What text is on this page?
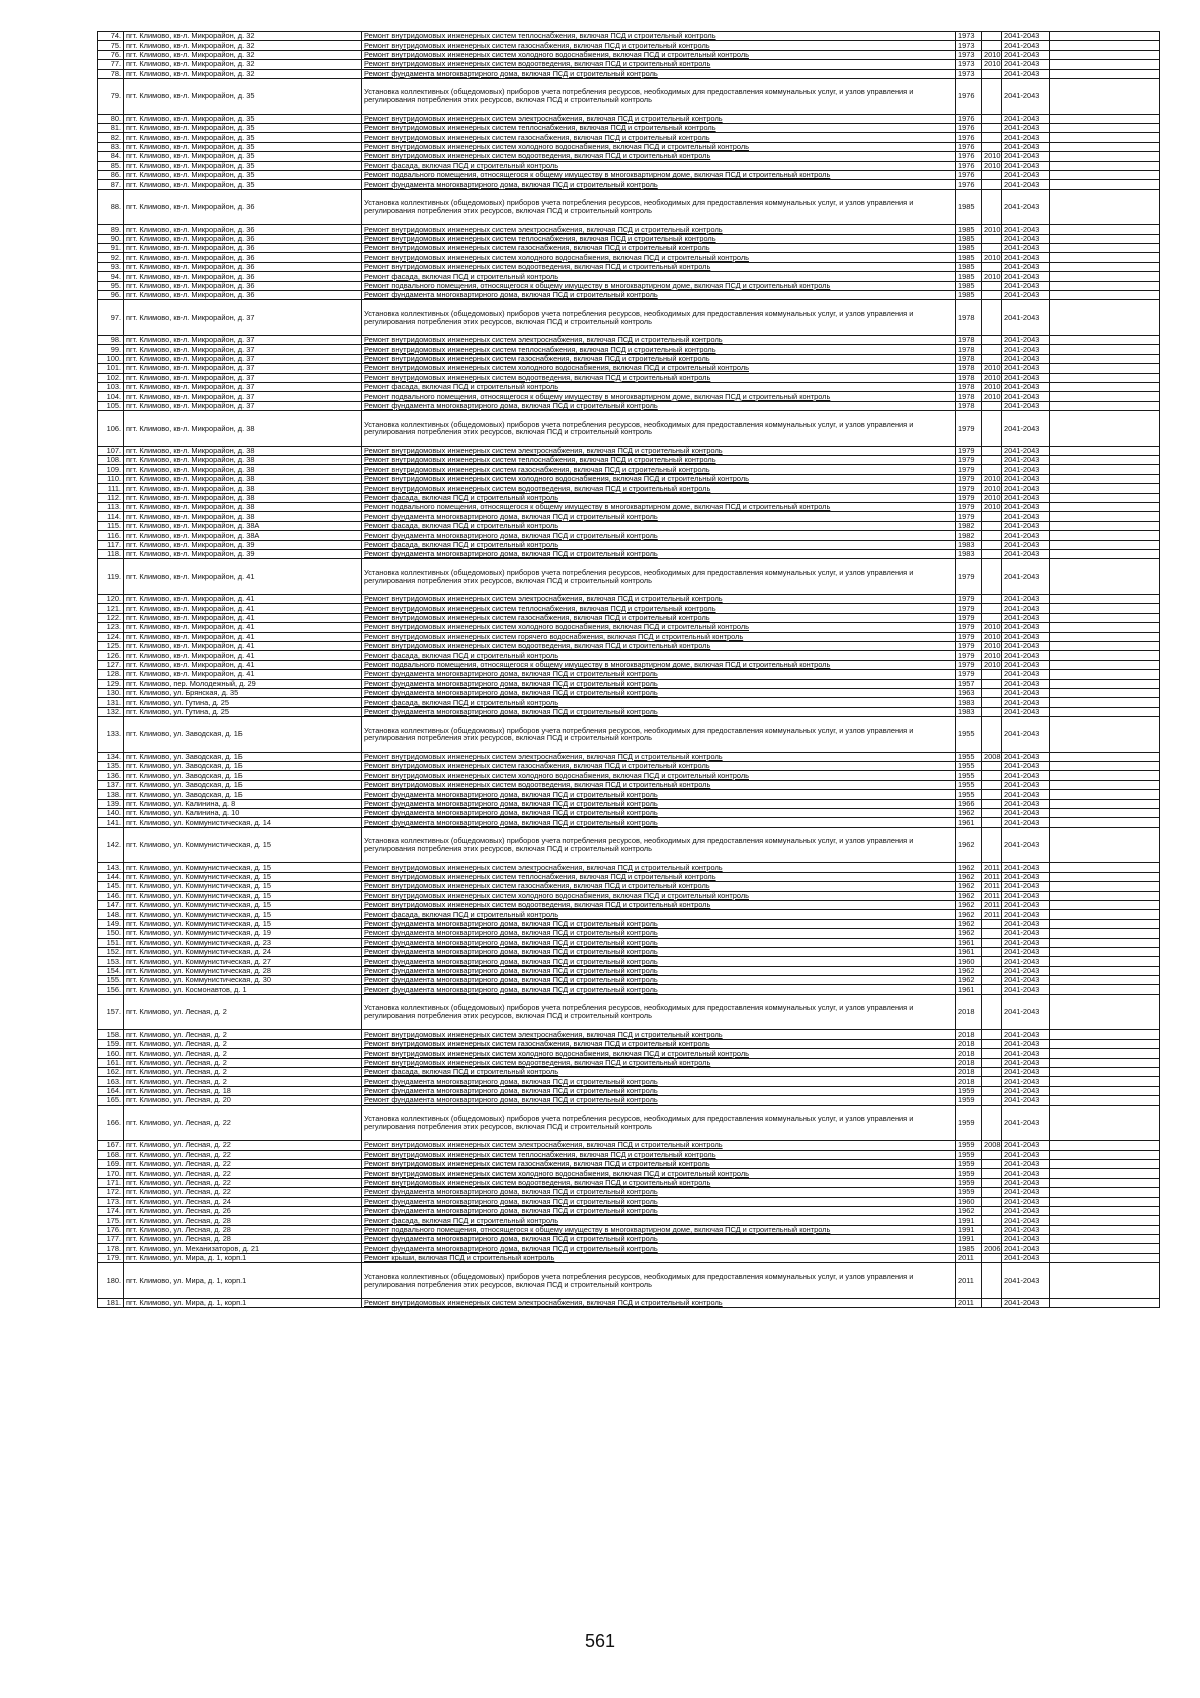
74.	пгт. Климово, кв-л. Микрорайон, д. 32	Ремонт внутридомовых инженерных систем теплоснабжения, включая ПСД и строительный контроль	1973		2041-2043	
75.	пгт. Климово, кв-л. Микрорайон, д. 32	Ремонт внутридомовых инженерных систем газоснабжения, включая ПСД и строительный контроль	1973		2041-2043	
76.	пгт. Климово, кв-л. Микрорайон, д. 32	Ремонт внутридомовых инженерных систем холодного водоснабжения, включая ПСД и строительный контроль	1973	2010	2041-2043	
77.	пгт. Климово, кв-л. Микрорайон, д. 32	Ремонт внутридомовых инженерных систем водоотведения, включая ПСД и строительный контроль	1973	2010	2041-2043	
78.	пгт. Климово, кв-л. Микрорайон, д. 32	Ремонт фундамента многоквартирного дома, включая ПСД и строительный контроль	1973		2041-2043	
79.	пгт. Климово, кв-л. Микрорайон, д. 35	Установка коллективных (общедомовых) приборов учета потребления ресурсов, необходимых для предоставления коммунальных услуг, и узлов управления и регулирования потребления этих ресурсов, включая ПСД и строительный контроль	1976		2041-2043	
80.	пгт. Климово, кв-л. Микрорайон, д. 35	Ремонт внутридомовых инженерных систем электроснабжения, включая ПСД и строительный контроль	1976		2041-2043	
81.	пгт. Климово, кв-л. Микрорайон, д. 35	Ремонт внутридомовых инженерных систем теплоснабжения, включая ПСД и строительный контроль	1976		2041-2043	
82.	пгт. Климово, кв-л. Микрорайон, д. 35	Ремонт внутридомовых инженерных систем газоснабжения, включая ПСД и строительный контроль	1976		2041-2043	
83.	пгт. Климово, кв-л. Микрорайон, д. 35	Ремонт внутридомовых инженерных систем холодного водоснабжения, включая ПСД и строительный контроль	1976		2041-2043	
84.	пгт. Климово, кв-л. Микрорайон, д. 35	Ремонт внутридомовых инженерных систем водоотведения, включая ПСД и строительный контроль	1976	2010	2041-2043	
85.	пгт. Климово, кв-л. Микрорайон, д. 35	Ремонт фасада, включая ПСД и строительный контроль	1976	2010	2041-2043	
86.	пгт. Климово, кв-л. Микрорайон, д. 35	Ремонт подвального помещения, относящегося к общему имуществу в многоквартирном доме, включая ПСД и строительный контроль	1976		2041-2043	
87.	пгт. Климово, кв-л. Микрорайон, д. 35	Ремонт фундамента многоквартирного дома, включая ПСД и строительный контроль	1976		2041-2043	
88.	пгт. Климово, кв-л. Микрорайон, д. 36	Установка коллективных (общедомовых) приборов учета потребления ресурсов, необходимых для предоставления коммунальных услуг, и узлов управления и регулирования потребления этих ресурсов, включая ПСД и строительный контроль	1985		2041-2043	
89.	пгт. Климово, кв-л. Микрорайон, д. 36	Ремонт внутридомовых инженерных систем электроснабжения, включая ПСД и строительный контроль	1985	2010	2041-2043	
90.	пгт. Климово, кв-л. Микрорайон, д. 36	Ремонт внутридомовых инженерных систем теплоснабжения, включая ПСД и строительный контроль	1985		2041-2043	
91.	пгт. Климово, кв-л. Микрорайон, д. 36	Ремонт внутридомовых инженерных систем газоснабжения, включая ПСД и строительный контроль	1985		2041-2043	
92.	пгт. Климово, кв-л. Микрорайон, д. 36	Ремонт внутридомовых инженерных систем холодного водоснабжения, включая ПСД и строительный контроль	1985	2010	2041-2043	
93.	пгт. Климово, кв-л. Микрорайон, д. 36	Ремонт внутридомовых инженерных систем водоотведения, включая ПСД и строительный контроль	1985		2041-2043	
94.	пгт. Климово, кв-л. Микрорайон, д. 36	Ремонт фасада, включая ПСД и строительный контроль	1985	2010	2041-2043	
95.	пгт. Климово, кв-л. Микрорайон, д. 36	Ремонт подвального помещения, относящегося к общему имуществу в многоквартирном доме, включая ПСД и строительный контроль	1985		2041-2043	
96.	пгт. Климово, кв-л. Микрорайон, д. 36	Ремонт фундамента многоквартирного дома, включая ПСД и строительный контроль	1985		2041-2043	
97.	пгт. Климово, кв-л. Микрорайон, д. 37	Установка коллективных (общедомовых) приборов учета потребления ресурсов, необходимых для предоставления коммунальных услуг, и узлов управления и регулирования потребления этих ресурсов, включая ПСД и строительный контроль	1978		2041-2043	
98.	пгт. Климово, кв-л. Микрорайон, д. 37	Ремонт внутридомовых инженерных систем электроснабжения, включая ПСД и строительный контроль	1978		2041-2043	
99.	пгт. Климово, кв-л. Микрорайон, д. 37	Ремонт внутридомовых инженерных систем теплоснабжения, включая ПСД и строительный контроль	1978		2041-2043	
100.	пгт. Климово, кв-л. Микрорайон, д. 37	Ремонт внутридомовых инженерных систем газоснабжения, включая ПСД и строительный контроль	1978		2041-2043	
101.	пгт. Климово, кв-л. Микрорайон, д. 37	Ремонт внутридомовых инженерных систем холодного водоснабжения, включая ПСД и строительный контроль	1978	2010	2041-2043	
102.	пгт. Климово, кв-л. Микрорайон, д. 37	Ремонт внутридомовых инженерных систем водоотведения, включая ПСД и строительный контроль	1978	2010	2041-2043	
103.	пгт. Климово, кв-л. Микрорайон, д. 37	Ремонт фасада, включая ПСД и строительный контроль	1978	2010	2041-2043	
104.	пгт. Климово, кв-л. Микрорайон, д. 37	Ремонт подвального помещения, относящегося к общему имуществу в многоквартирном доме, включая ПСД и строительный контроль	1978	2010	2041-2043	
105.	пгт. Климово, кв-л. Микрорайон, д. 37	Ремонт фундамента многоквартирного дома, включая ПСД и строительный контроль	1978		2041-2043	
106.	пгт. Климово, кв-л. Микрорайон, д. 38	Установка коллективных (общедомовых) приборов учета потребления ресурсов, необходимых для предоставления коммунальных услуг, и узлов управления и регулирования потребления этих ресурсов, включая ПСД и строительный контроль	1979		2041-2043	
107.	пгт. Климово, кв-л. Микрорайон, д. 38	Ремонт внутридомовых инженерных систем электроснабжения, включая ПСД и строительный контроль	1979		2041-2043	
108.	пгт. Климово, кв-л. Микрорайон, д. 38	Ремонт внутридомовых инженерных систем теплоснабжения, включая ПСД и строительный контроль	1979		2041-2043	
109.	пгт. Климово, кв-л. Микрорайон, д. 38	Ремонт внутридомовых инженерных систем газоснабжения, включая ПСД и строительный контроль	1979		2041-2043	
110.	пгт. Климово, кв-л. Микрорайон, д. 38	Ремонт внутридомовых инженерных систем холодного водоснабжения, включая ПСД и строительный контроль	1979	2010	2041-2043	
111.	пгт. Климово, кв-л. Микрорайон, д. 38	Ремонт внутридомовых инженерных систем водоотведения, включая ПСД и строительный контроль	1979	2010	2041-2043	
112.	пгт. Климово, кв-л. Микрорайон, д. 38	Ремонт фасада, включая ПСД и строительный контроль	1979	2010	2041-2043	
113.	пгт. Климово, кв-л. Микрорайон, д. 38	Ремонт подвального помещения, относящегося к общему имуществу в многоквартирном доме, включая ПСД и строительный контроль	1979	2010	2041-2043	
114.	пгт. Климово, кв-л. Микрорайон, д. 38	Ремонт фундамента многоквартирного дома, включая ПСД и строительный контроль	1979		2041-2043	
115.	пгт. Климово, кв-л. Микрорайон, д. 38А	Ремонт фасада, включая ПСД и строительный контроль	1982		2041-2043	
116.	пгт. Климово, кв-л. Микрорайон, д. 38А	Ремонт фундамента многоквартирного дома, включая ПСД и строительный контроль	1982		2041-2043	
117.	пгт. Климово, кв-л. Микрорайон, д. 39	Ремонт фасада, включая ПСД и строительный контроль	1983		2041-2043	
118.	пгт. Климово, кв-л. Микрорайон, д. 39	Ремонт фундамента многоквартирного дома, включая ПСД и строительный контроль	1983		2041-2043	
119.	пгт. Климово, кв-л. Микрорайон, д. 41	Установка коллективных (общедомовых) приборов учета потребления ресурсов, необходимых для предоставления коммунальных услуг, и узлов управления и регулирования потребления этих ресурсов, включая ПСД и строительный контроль	1979		2041-2043	
120.	пгт. Климово, кв-л. Микрорайон, д. 41	Ремонт внутридомовых инженерных систем электроснабжения, включая ПСД и строительный контроль	1979		2041-2043	
121.	пгт. Климово, кв-л. Микрорайон, д. 41	Ремонт внутридомовых инженерных систем теплоснабжения, включая ПСД и строительный контроль	1979		2041-2043	
122.	пгт. Климово, кв-л. Микрорайон, д. 41	Ремонт внутридомовых инженерных систем газоснабжения, включая ПСД и строительный контроль	1979		2041-2043	
123.	пгт. Климово, кв-л. Микрорайон, д. 41	Ремонт внутридомовых инженерных систем холодного водоснабжения, включая ПСД и строительный контроль	1979	2010	2041-2043	
124.	пгт. Климово, кв-л. Микрорайон, д. 41	Ремонт внутридомовых инженерных систем горячего водоснабжения, включая ПСД и строительный контроль	1979	2010	2041-2043	
125.	пгт. Климово, кв-л. Микрорайон, д. 41	Ремонт внутридомовых инженерных систем водоотведения, включая ПСД и строительный контроль	1979	2010	2041-2043	
126.	пгт. Климово, кв-л. Микрорайон, д. 41	Ремонт фасада, включая ПСД и строительный контроль	1979	2010	2041-2043	
127.	пгт. Климово, кв-л. Микрорайон, д. 41	Ремонт подвального помещения, относящегося к общему имуществу в многоквартирном доме, включая ПСД и строительный контроль	1979	2010	2041-2043	
128.	пгт. Климово, кв-л. Микрорайон, д. 41	Ремонт фундамента многоквартирного дома, включая ПСД и строительный контроль	1979		2041-2043	
129.	пгт. Климово, пер. Молодежный, д. 29	Ремонт фундамента многоквартирного дома, включая ПСД и строительный контроль	1957		2041-2043	
130.	пгт. Климово, ул. Брянская, д. 35	Ремонт фундамента многоквартирного дома, включая ПСД и строительный контроль	1963		2041-2043	
131.	пгт. Климово, ул. Гутина, д. 25	Ремонт фасада, включая ПСД и строительный контроль	1983		2041-2043	
132.	пгт. Климово, ул. Гутина, д. 25	Ремонт фундамента многоквартирного дома, включая ПСД и строительный контроль	1983		2041-2043	
133.	пгт. Климово, ул. Заводская, д. 1Б	Установка коллективных (общедомовых) приборов учета потребления ресурсов, необходимых для предоставления коммунальных услуг, и узлов управления и регулирования потребления этих ресурсов, включая ПСД и строительный контроль	1955		2041-2043	
134.	пгт. Климово, ул. Заводская, д. 1Б	Ремонт внутридомовых инженерных систем электроснабжения, включая ПСД и строительный контроль	1955	2008	2041-2043	
135.	пгт. Климово, ул. Заводская, д. 1Б	Ремонт внутридомовых инженерных систем газоснабжения, включая ПСД и строительный контроль	1955		2041-2043	
136.	пгт. Климово, ул. Заводская, д. 1Б	Ремонт внутридомовых инженерных систем холодного водоснабжения, включая ПСД и строительный контроль	1955		2041-2043	
137.	пгт. Климово, ул. Заводская, д. 1Б	Ремонт внутридомовых инженерных систем водоотведения, включая ПСД и строительный контроль	1955		2041-2043	
138.	пгт. Климово, ул. Заводская, д. 1Б	Ремонт фундамента многоквартирного дома, включая ПСД и строительный контроль	1955		2041-2043	
139.	пгт. Климово, ул. Калинина, д. 8	Ремонт фундамента многоквартирного дома, включая ПСД и строительный контроль	1966		2041-2043	
140.	пгт. Климово, ул. Калинина, д. 10	Ремонт фундамента многоквартирного дома, включая ПСД и строительный контроль	1962		2041-2043	
141.	пгт. Климово, ул. Коммунистическая, д. 14	Ремонт фундамента многоквартирного дома, включая ПСД и строительный контроль	1961		2041-2043	
142.	пгт. Климово, ул. Коммунистическая, д. 15	Установка коллективных (общедомовых) приборов учета потребления ресурсов, необходимых для предоставления коммунальных услуг, и узлов управления и регулирования потребления этих ресурсов, включая ПСД и строительный контроль	1962		2041-2043	
143.	пгт. Климово, ул. Коммунистическая, д. 15	Ремонт внутридомовых инженерных систем электроснабжения, включая ПСД и строительный контроль	1962	2011	2041-2043	
144.	пгт. Климово, ул. Коммунистическая, д. 15	Ремонт внутридомовых инженерных систем теплоснабжения, включая ПСД и строительный контроль	1962	2011	2041-2043	
145.	пгт. Климово, ул. Коммунистическая, д. 15	Ремонт внутридомовых инженерных систем газоснабжения, включая ПСД и строительный контроль	1962	2011	2041-2043	
146.	пгт. Климово, ул. Коммунистическая, д. 15	Ремонт внутридомовых инженерных систем холодного водоснабжения, включая ПСД и строительный контроль	1962	2011	2041-2043	
147.	пгт. Климово, ул. Коммунистическая, д. 15	Ремонт внутридомовых инженерных систем водоотведения, включая ПСД и строительный контроль	1962	2011	2041-2043	
148.	пгт. Климово, ул. Коммунистическая, д. 15	Ремонт фасада, включая ПСД и строительный контроль	1962	2011	2041-2043	
149.	пгт. Климово, ул. Коммунистическая, д. 15	Ремонт фундамента многоквартирного дома, включая ПСД и строительный контроль	1962		2041-2043	
150.	пгт. Климово, ул. Коммунистическая, д. 19	Ремонт фундамента многоквартирного дома, включая ПСД и строительный контроль	1962		2041-2043	
151.	пгт. Климово, ул. Коммунистическая, д. 23	Ремонт фундамента многоквартирного дома, включая ПСД и строительный контроль	1961		2041-2043	
152.	пгт. Климово, ул. Коммунистическая, д. 24	Ремонт фундамента многоквартирного дома, включая ПСД и строительный контроль	1961		2041-2043	
153.	пгт. Климово, ул. Коммунистическая, д. 27	Ремонт фундамента многоквартирного дома, включая ПСД и строительный контроль	1960		2041-2043	
154.	пгт. Климово, ул. Коммунистическая, д. 28	Ремонт фундамента многоквартирного дома, включая ПСД и строительный контроль	1962		2041-2043	
155.	пгт. Климово, ул. Коммунистическая, д. 30	Ремонт фундамента многоквартирного дома, включая ПСД и строительный контроль	1962		2041-2043	
156.	пгт. Климово, ул. Космонавтов, д. 1	Ремонт фундамента многоквартирного дома, включая ПСД и строительный контроль	1961		2041-2043	
157.	пгт. Климово, ул. Лесная, д. 2	Установка коллективных (общедомовых) приборов учета потребления ресурсов, необходимых для предоставления коммунальных услуг, и узлов управления и регулирования потребления этих ресурсов, включая ПСД и строительный контроль	2018		2041-2043	
158.	пгт. Климово, ул. Лесная, д. 2	Ремонт внутридомовых инженерных систем электроснабжения, включая ПСД и строительный контроль	2018		2041-2043	
159.	пгт. Климово, ул. Лесная, д. 2	Ремонт внутридомовых инженерных систем газоснабжения, включая ПСД и строительный контроль	2018		2041-2043	
160.	пгт. Климово, ул. Лесная, д. 2	Ремонт внутридомовых инженерных систем холодного водоснабжения, включая ПСД и строительный контроль	2018		2041-2043	
161.	пгт. Климово, ул. Лесная, д. 2	Ремонт внутридомовых инженерных систем водоотведения, включая ПСД и строительный контроль	2018		2041-2043	
162.	пгт. Климово, ул. Лесная, д. 2	Ремонт фасада, включая ПСД и строительный контроль	2018		2041-2043	
163.	пгт. Климово, ул. Лесная, д. 2	Ремонт фундамента многоквартирного дома, включая ПСД и строительный контроль	2018		2041-2043	
164.	пгт. Климово, ул. Лесная, д. 18	Ремонт фундамента многоквартирного дома, включая ПСД и строительный контроль	1959		2041-2043	
165.	пгт. Климово, ул. Лесная, д. 20	Ремонт фундамента многоквартирного дома, включая ПСД и строительный контроль	1959		2041-2043	
166.	пгт. Климово, ул. Лесная, д. 22	Установка коллективных (общедомовых) приборов учета потребления ресурсов, необходимых для предоставления коммунальных услуг, и узлов управления и регулирования потребления этих ресурсов, включая ПСД и строительный контроль	1959		2041-2043	
167.	пгт. Климово, ул. Лесная, д. 22	Ремонт внутридомовых инженерных систем электроснабжения, включая ПСД и строительный контроль	1959	2008	2041-2043	
168.	пгт. Климово, ул. Лесная, д. 22	Ремонт внутридомовых инженерных систем теплоснабжения, включая ПСД и строительный контроль	1959		2041-2043	
169.	пгт. Климово, ул. Лесная, д. 22	Ремонт внутридомовых инженерных систем газоснабжения, включая ПСД и строительный контроль	1959		2041-2043	
170.	пгт. Климово, ул. Лесная, д. 22	Ремонт внутридомовых инженерных систем холодного водоснабжения, включая ПСД и строительный контроль	1959		2041-2043	
171.	пгт. Климово, ул. Лесная, д. 22	Ремонт внутридомовых инженерных систем водоотведения, включая ПСД и строительный контроль	1959		2041-2043	
172.	пгт. Климово, ул. Лесная, д. 22	Ремонт фундамента многоквартирного дома, включая ПСД и строительный контроль	1959		2041-2043	
173.	пгт. Климово, ул. Лесная, д. 24	Ремонт фундамента многоквартирного дома, включая ПСД и строительный контроль	1960		2041-2043	
174.	пгт. Климово, ул. Лесная, д. 26	Ремонт фундамента многоквартирного дома, включая ПСД и строительный контроль	1962		2041-2043	
175.	пгт. Климово, ул. Лесная, д. 28	Ремонт фасада, включая ПСД и строительный контроль	1991		2041-2043	
176.	пгт. Климово, ул. Лесная, д. 28	Ремонт подвального помещения, относящегося к общему имуществу в многоквартирном доме, включая ПСД и строительный контроль	1991		2041-2043	
177.	пгт. Климово, ул. Лесная, д. 28	Ремонт фундамента многоквартирного дома, включая ПСД и строительный контроль	1991		2041-2043	
178.	пгт. Климово, ул. Механизаторов, д. 21	Ремонт фундамента многоквартирного дома, включая ПСД и строительный контроль	1985	2006	2041-2043	
179.	пгт. Климово, ул. Мира, д. 1, корп.1	Ремонт крыши, включая ПСД и строительный контроль	2011		2041-2043	
180.	пгт. Климово, ул. Мира, д. 1, корп.1	Установка коллективных (общедомовых) приборов учета потребления ресурсов, необходимых для предоставления коммунальных услуг, и узлов управления и регулирования потребления этих ресурсов, включая ПСД и строительный контроль	2011		2041-2043	
181.	пгт. Климово, ул. Мира, д. 1, корп.1	Ремонт внутридомовых инженерных систем электроснабжения, включая ПСД и строительный контроль	2011		2041-2043	
561
